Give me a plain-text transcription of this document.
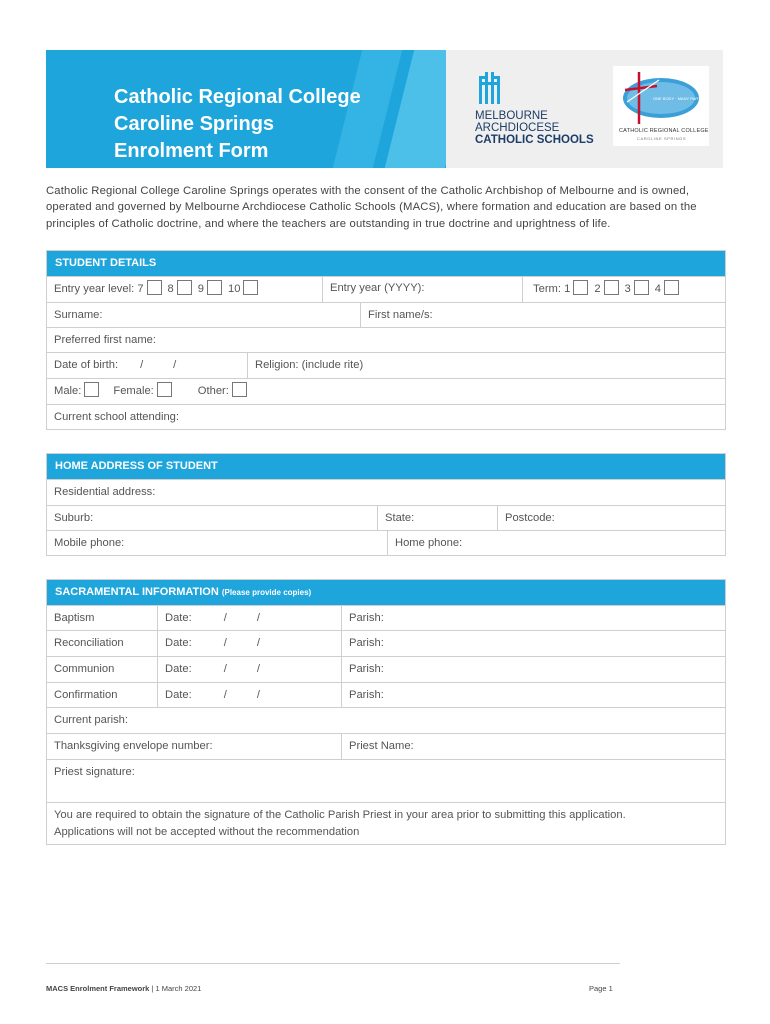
Catholic Regional College
Caroline Springs
Enrolment Form
MELBOURNE
ARCHDIOCESE
CATHOLIC SCHOOLS
ONE BODY · MANY PARTS
CATHOLIC REGIONAL COLLEGE
CAROLINE SPRINGS
Catholic Regional College Caroline Springs operates with the consent of the Catholic Archbishop of Melbourne and is owned, operated and governed by Melbourne Archdiocese Catholic Schools (MACS), where formation and education are based on the principles of Catholic doctrine, and where the teachers are outstanding in true doctrine and uprightness of life.
STUDENT DETAILS
Entry year level: 7 8 9 10	Entry year (YYYY):	Term: 1 2 3 4
Surname:	First name/s:
Preferred first name:
Date of birth: /	/	Religion: (include rite)
Male:	Female:	Other:
Current school attending:
HOME ADDRESS OF STUDENT
Residential address:
Suburb:	State:	Postcode:
Mobile phone:	Home phone:
SACRAMENTAL INFORMATION (Please provide copies)
Baptism	Date:	/	/	Parish:
Reconciliation	Date:	/	/	Parish:
Communion	Date:	/	/	Parish:
Confirmation	Date:	/	/	Parish:
Current parish:
Thanksgiving envelope number:	Priest Name:
Priest signature:
You are required to obtain the signature of the Catholic Parish Priest in your area prior to submitting this application.
Applications will not be accepted without the recommendation
MACS Enrolment Framework | 1 March 2021	Page 1
